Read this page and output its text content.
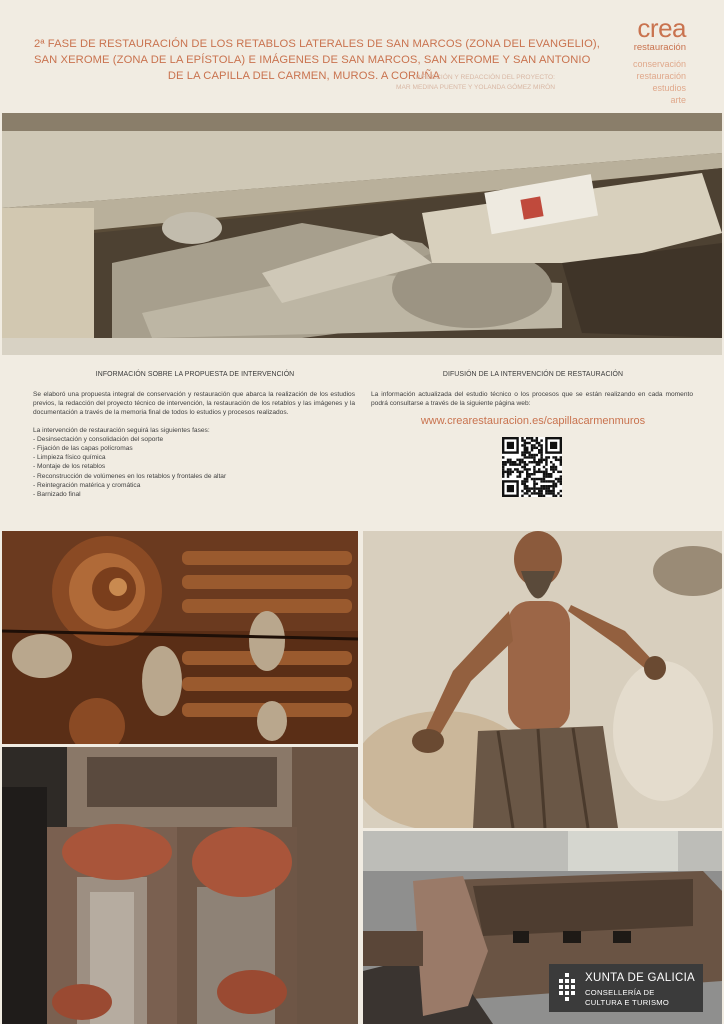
2ª FASE DE RESTAURACIÓN DE LOS RETABLOS LATERALES DE SAN MARCOS (ZONA DEL EVANGELIO),
SAN XEROME (ZONA DE LA EPÍSTOLA) E IMÁGENES DE SAN MARCOS, SAN XEROME Y SAN ANTONIO
DE LA CAPILLA DEL CARMEN, MUROS. A CORUÑA
DIRECCIÓN Y REDACCIÓN DEL PROYECTO:
MAR MEDINA PUENTE Y YOLANDA GÓMEZ MIRÓN
crea
restauración
conservación
restauración
estudios
arte
INFORMACIÓN SOBRE LA PROPUESTA DE INTERVENCIÓN

Se elaboró una propuesta integral de conservación y restauración que abarca la realización de los estudios previos, la redacción del proyecto técnico de intervención, la restauración de los retablos y las imágenes y la documentación a través de la memoria final de todos lo estudios y procesos realizados.

La intervención de restauración seguirá las siguientes fases:
- Desinsectación y consolidación del soporte
- Fijación de las capas polícromas
- Limpieza físico química
- Montaje de los retablos
- Reconstrucción de volúmenes en los retablos y frontales de altar
- Reintegración matérica y cromática
- Barnizado final
DIFUSIÓN DE LA INTERVENCIÓN DE RESTAURACIÓN

La información actualizada del estudio técnico o los procesos que se están realizando en cada momento podrá consultarse a través de la siguiente página web:

www.crearestauracion.es/capillacarmenmuros
XUNTA DE GALICIA
CONSELLERÍA DE
CULTURA E TURISMO
